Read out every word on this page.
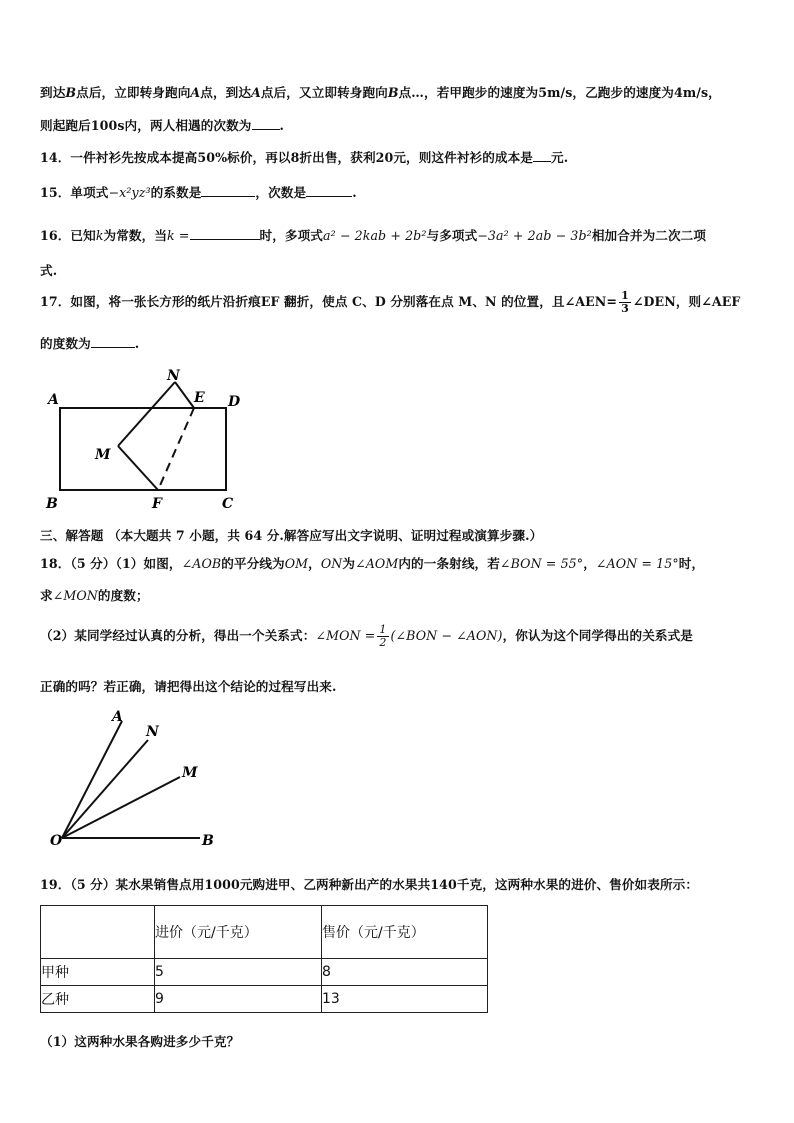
到达B点后，立即转身跑向A点，到达A点后，又立即转身跑向B点…，若甲跑步的速度为5m/s，乙跑步的速度为4m/s，
则起跑后100s内，两人相遇的次数为 .
14．一件衬衫先按成本提高50%标价，再以8折出售，获利20元，则这件衬衫的成本是 元.
15．单项式−x²yz³的系数是	，次数是	.
16．已知k为常数，当k =	时，多项式a² − 2kab + 2b²与多项式−3a² + 2ab − 3b²相加合并为二次二项
式.
17．如图，将一张长方形的纸片沿折痕EF 翻折，使点 C、D 分别落在点 M、N 的位置，且∠AEN= $\frac{1}{3}$ ∠DEN，则∠AEF
的度数为	.
A	D
E
N
M
B	F	C
三、解答题 （本大题共 7 小题，共 64 分.解答应写出文字说明、证明过程或演算步骤.）
18．（5 分）（1）如图，∠AOB的平分线为OM，ON为∠AOM内的一条射线，若∠BON = 55°，∠AON = 15°时，
求∠MON的度数；
（2）某同学经过认真的分析，得出一个关系式：∠MON = $\frac{1}{2}$ (∠BON − ∠AON)，你认为这个同学得出的关系式是
正确的吗？若正确，请把得出这个结论的过程写出来.
A
N
M
O	B
19．（5 分）某水果销售点用1000元购进甲、乙两种新出产的水果共140千克，这两种水果的进价、售价如表所示：
	进价（元/千克）	售价（元/千克）
甲种	5	8
乙种	9	13
（1）这两种水果各购进多少千克？
